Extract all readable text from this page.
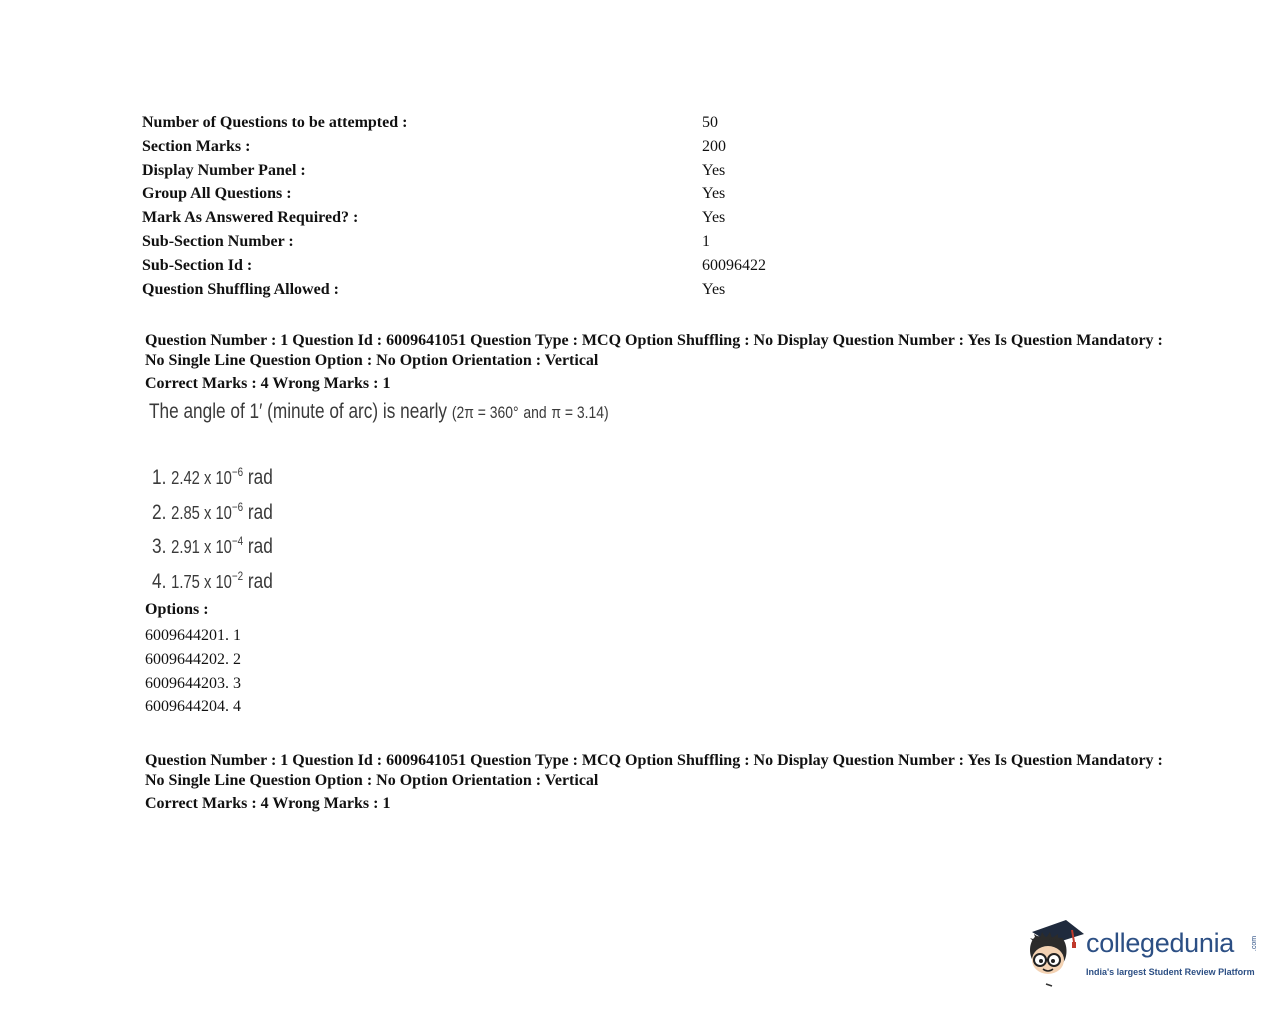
Number of Questions to be attempted :	50
Section Marks :	200
Display Number Panel :	Yes
Group All Questions :	Yes
Mark As Answered Required? :	Yes
Sub-Section Number :	1
Sub-Section Id :	60096422
Question Shuffling Allowed :	Yes
Question Number : 1 Question Id : 6009641051 Question Type : MCQ Option Shuffling : No Display Question Number : Yes Is Question Mandatory : No Single Line Question Option : No Option Orientation : Vertical
Correct Marks : 4 Wrong Marks : 1
The angle of 1′ (minute of arc) is nearly (2π = 360° and π = 3.14)
1. 2.42 x $10^{-6}$ rad
2. 2.85 x $10^{-6}$ rad
3. 2.91 x $10^{-4}$ rad
4. 1.75 x $10^{-2}$ rad
Options :
6009644201. 1
6009644202. 2
6009644203. 3
6009644204. 4
Question Number : 1 Question Id : 6009641051 Question Type : MCQ Option Shuffling : No Display Question Number : Yes Is Question Mandatory : No Single Line Question Option : No Option Orientation : Vertical
Correct Marks : 4 Wrong Marks : 1
collegedunia .com
India's largest Student Review Platform
